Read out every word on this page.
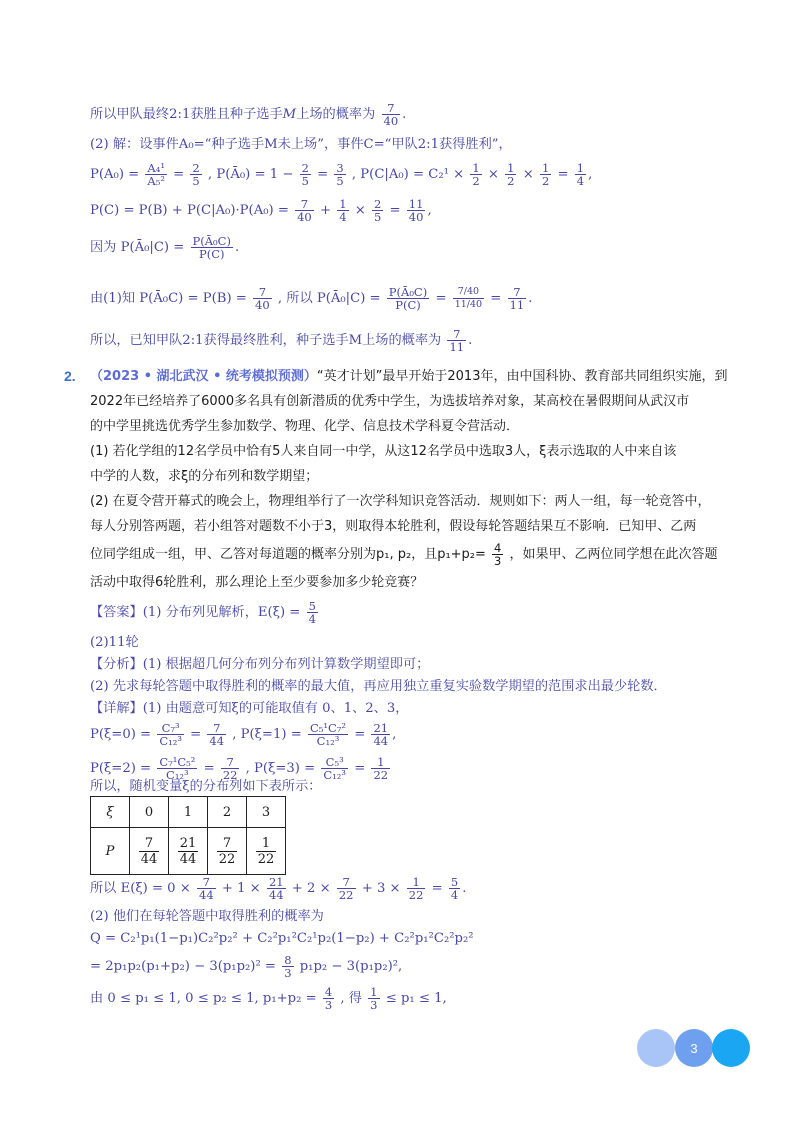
所以甲队最终2:1获胜且种子选手M上场的概率为 $\frac{7}{40}$ .
(2) 解：设事件A₀=“种子选手M未上场”，事件C=“甲队2:1获得胜利”，
$P(A_0) = \frac{\text{A₄¹}}{\text{A₅²}} = \frac{2}{5}$ , P(Ā₀) = $1 - \frac{2}{5} = \frac{3}{5}$ , $P(C|A_0) = C_2^1 \times \frac{1}{2} \times \frac{1}{2} \times \frac{1}{2} = \frac{1}{4}$ ,
$P(C) = P(B) + P(C|A_0)\cdot P(A_0) = \frac{7}{40} + \frac{1}{4} \times \frac{2}{5} = \frac{11}{40}$ ,
因为 P(Ā₀|C) = $\frac{\text{P(Ā₀C)}}{P(C)}$ .
由(1)知 P(Ā₀C) = $P(B) = \frac{7}{40}$ , 所以 P(Ā₀|C) = $\frac{\text{P(Ā₀C)}}{P(C)} = \frac{7/40}{11/40} = \frac{7}{11}$ .
所以，已知甲队2:1获得最终胜利，种子选手M上场的概率为 $\frac{7}{11}$ .
2. （2023 • 湖北武汉 • 统考模拟预测）“英才计划”最早开始于2013年，由中国科协、教育部共同组织实施，到
2022年已经培养了6000多名具有创新潜质的优秀中学生，为选拔培养对象，某高校在暑假期间从武汉市
的中学里挑选优秀学生参加数学、物理、化学、信息技术学科夏令营活动．
(1) 若化学组的12名学员中恰有5人来自同一中学，从这12名学员中选取3人，ξ表示选取的人中来自该
中学的人数，求ξ的分布列和数学期望；
(2) 在夏令营开幕式的晚会上，物理组举行了一次学科知识竞答活动．规则如下：两人一组，每一轮竞答中，
每人分别答两题，若小组答对题数不小于3，则取得本轮胜利，假设每轮答题结果互不影响．已知甲、乙两
位同学组成一组，甲、乙答对每道题的概率分别为p₁, p₂，且$p_1+p_2= \frac{4}{3}$ ，如果甲、乙两位同学想在此次答题
活动中取得6轮胜利，那么理论上至少要参加多少轮竞赛？
【答案】(1) 分布列见解析，$E(\xi) = \frac{5}{4}$
(2)11轮
【分析】(1) 根据超几何分布列分布列计算数学期望即可；
(2) 先求每轮答题中取得胜利的概率的最大值，再应用独立重复实验数学期望的范围求出最少轮数．
【详解】(1) 由题意可知ξ的可能取值有 0、1、2、3，
$P(\xi=0) = \frac{\text{C₇³}}{\text{C₁₂³}} = \frac{7}{44}$ , $P(\xi=1) = \frac{\text{C₅¹C₇²}}{\text{C₁₂³}} = \frac{21}{44}$ ,
$P(\xi=2) = \frac{\text{C₇¹C₅²}}{\text{C₁₂³}} = \frac{7}{22}$ , $P(\xi=3) = \frac{\text{C₅³}}{\text{C₁₂³}} = \frac{1}{22}$
所以，随机变量ξ的分布列如下表所示：
ξ	0	1	2	3
P	$\frac{7}{44}$	$\frac{21}{44}$	$\frac{7}{22}$	$\frac{1}{22}$
所以 $E(\xi) = 0 \times \frac{7}{44} + 1 \times \frac{21}{44} + 2 \times \frac{7}{22} + 3 \times \frac{1}{22} = \frac{5}{4}$ .
(2) 他们在每轮答题中取得胜利的概率为
Q = C₂¹p₁(1−p₁)C₂²p₂² + C₂²p₁²C₂¹p₂(1−p₂) + C₂²p₁²C₂²p₂²
= $2p_1p_2(p_1+p_2) - 3(p_1p_2)^2 = \frac{8}{3} p_1p_2 - 3(p_1p_2)^2$,
由 0 ≤ p₁ ≤ 1, 0 ≤ p₂ ≤ 1, $p_1+p_2 = \frac{4}{3}$ , 得 $\frac{1}{3} \le p_1 \le 1$,
3
